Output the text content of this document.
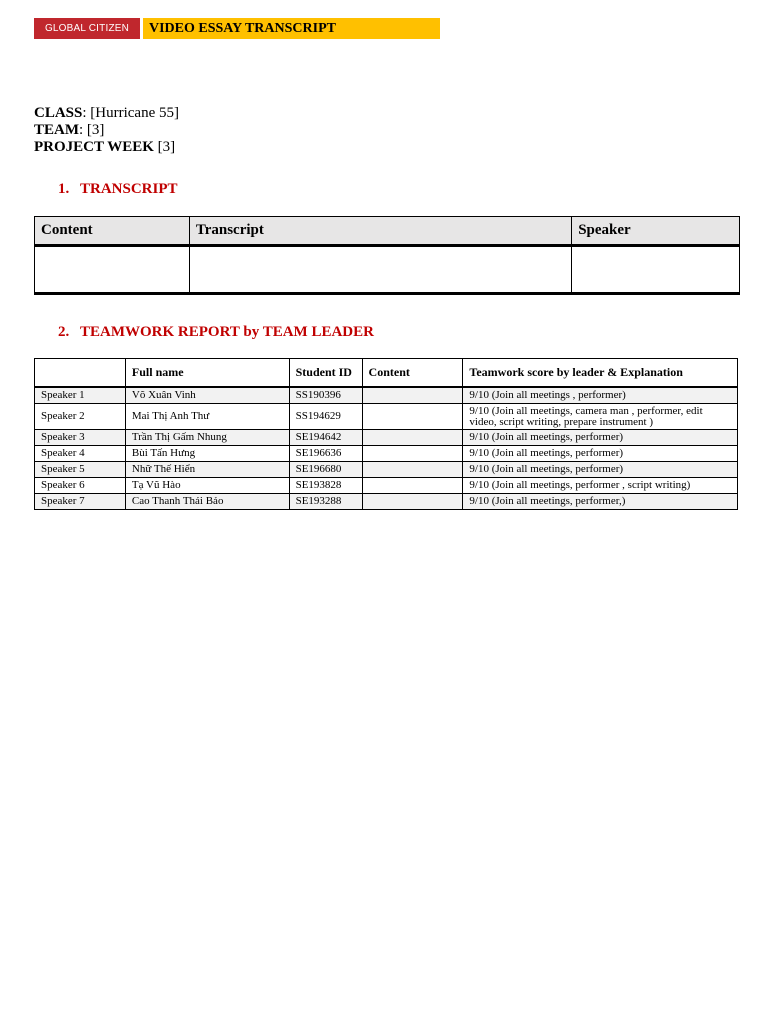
GLOBAL CITIZEN	VIDEO ESSAY TRANSCRIPT
CLASS: [Hurricane 55]
TEAM: [3]
PROJECT WEEK [3]
1. TRANSCRIPT
Content	Transcript	Speaker

2. TEAMWORK REPORT by TEAM LEADER
	Full name	Student ID	Content	Teamwork score by leader & Explanation
Speaker 1	Võ Xuân Vinh	SS190396		9/10 (Join all meetings , performer)
Speaker 2	Mai Thị Anh Thư	SS194629		9/10 (Join all meetings, camera man , performer, edit video, script writing, prepare instrument )
Speaker 3	Trần Thị Gấm Nhung	SE194642		9/10 (Join all meetings, performer)
Speaker 4	Bùi Tấn Hưng	SE196636		9/10 (Join all meetings, performer)
Speaker 5	Nhữ Thế Hiển	SE196680		9/10 (Join all meetings, performer)
Speaker 6	Tạ Vũ Hào	SE193828		9/10 (Join all meetings, performer , script writing)
Speaker 7	Cao Thanh Thái Bảo	SE193288		9/10 (Join all meetings, performer,)
